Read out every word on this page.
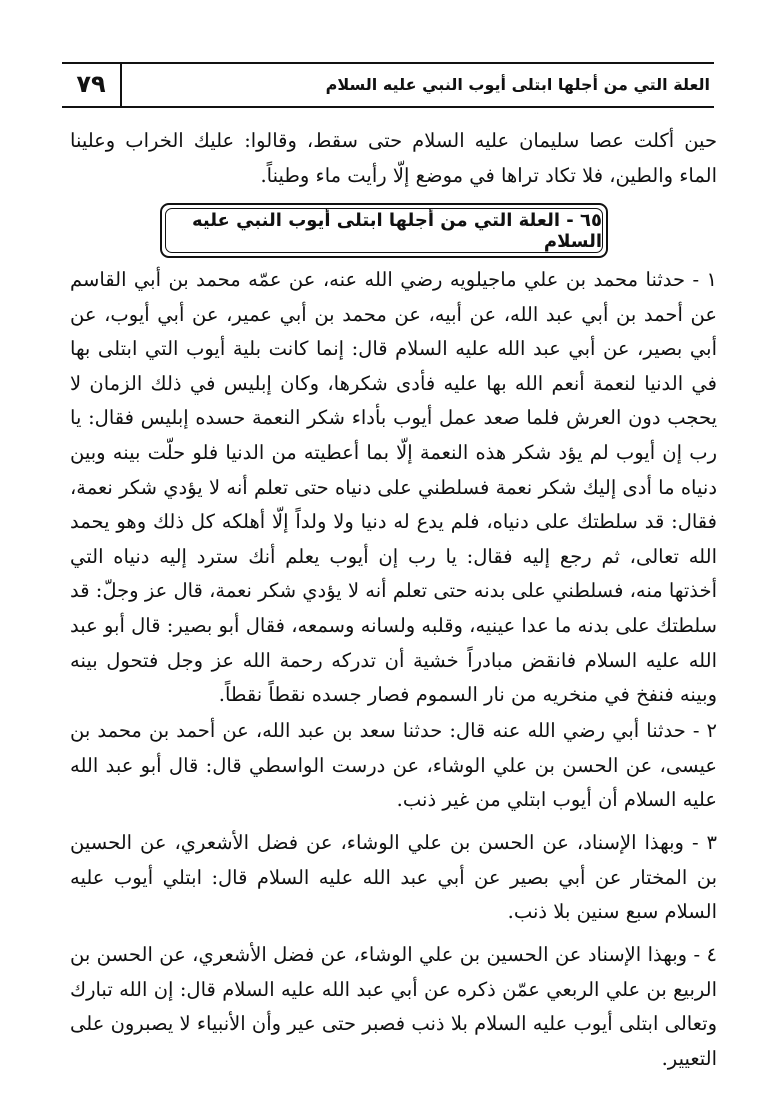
٧٩	العلة التي من أجلها ابتلى أيوب النبي عليه السلام

حين أكلت عصا سليمان عليه السلام حتى سقط، وقالوا: عليك الخراب وعلينا الماء والطين، فلا تكاد تراها في موضع إلّا رأيت ماء وطيناً.

٦٥ - العلة التي من أجلها ابتلى أيوب النبي عليه السلام

١ - حدثنا محمد بن علي ماجيلويه رضي الله عنه، عن عمّه محمد بن أبي القاسم عن أحمد بن أبي عبد الله، عن أبيه، عن محمد بن أبي عمير، عن أبي أيوب، عن أبي بصير، عن أبي عبد الله عليه السلام قال: إنما كانت بلية أيوب التي ابتلى بها في الدنيا لنعمة أنعم الله بها عليه فأدى شكرها، وكان إبليس في ذلك الزمان لا يحجب دون العرش فلما صعد عمل أيوب بأداء شكر النعمة حسده إبليس فقال: يا رب إن أيوب لم يؤد شكر هذه النعمة إلّا بما أعطيته من الدنيا فلو حلّت بينه وبين دنياه ما أدى إليك شكر نعمة فسلطني على دنياه حتى تعلم أنه لا يؤدي شكر نعمة، فقال: قد سلطتك على دنياه، فلم يدع له دنيا ولا ولداً إلّا أهلكه كل ذلك وهو يحمد الله تعالى، ثم رجع إليه فقال: يا رب إن أيوب يعلم أنك سترد إليه دنياه التي أخذتها منه، فسلطني على بدنه حتى تعلم أنه لا يؤدي شكر نعمة، قال عز وجلّ: قد سلطتك على بدنه ما عدا عينيه، وقلبه ولسانه وسمعه، فقال أبو بصير: قال أبو عبد الله عليه السلام فانقض مبادراً خشية أن تدركه رحمة الله عز وجل فتحول بينه وبينه فنفخ في منخريه من نار السموم فصار جسده نقطاً نقطاً.

٢ - حدثنا أبي رضي الله عنه قال: حدثنا سعد بن عبد الله، عن أحمد بن محمد بن عيسى، عن الحسن بن علي الوشاء، عن درست الواسطي قال: قال أبو عبد الله عليه السلام أن أيوب ابتلي من غير ذنب.

٣ - وبهذا الإسناد، عن الحسن بن علي الوشاء، عن فضل الأشعري، عن الحسين بن المختار عن أبي بصير عن أبي عبد الله عليه السلام قال: ابتلي أيوب عليه السلام سبع سنين بلا ذنب.

٤ - وبهذا الإسناد عن الحسين بن علي الوشاء، عن فضل الأشعري، عن الحسن بن الربيع بن علي الربعي عمّن ذكره عن أبي عبد الله عليه السلام قال: إن الله تبارك وتعالى ابتلى أيوب عليه السلام بلا ذنب فصبر حتى عير وأن الأنبياء لا يصبرون على التعيير.
